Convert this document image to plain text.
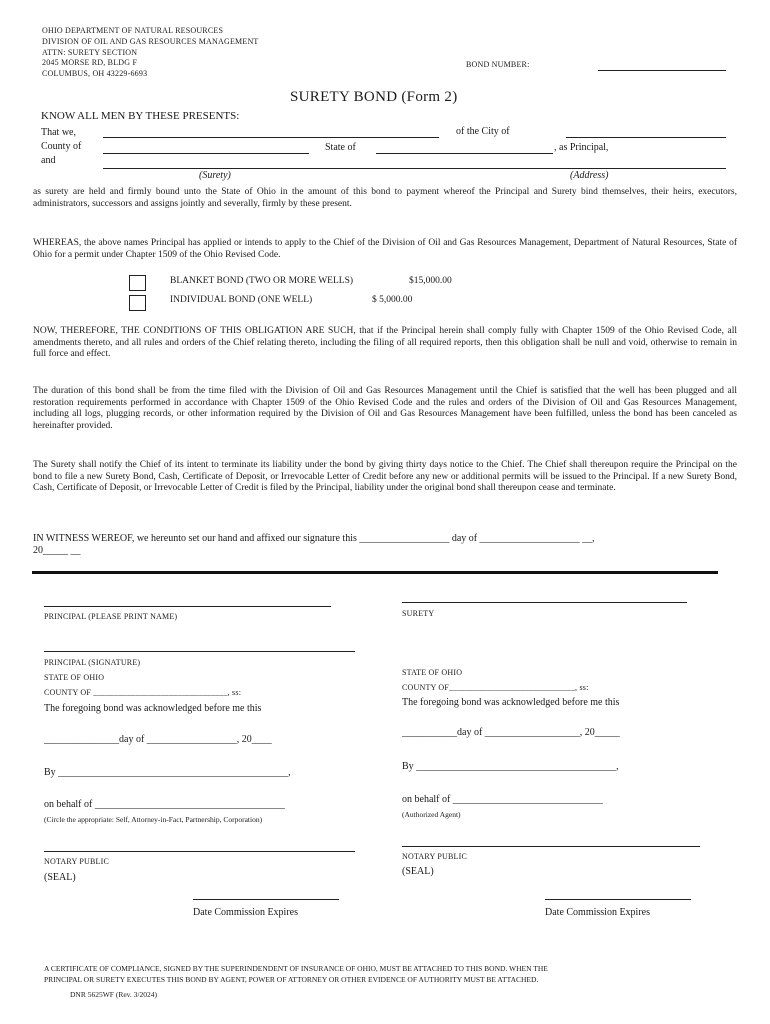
OHIO DEPARTMENT OF NATURAL RESOURCES
DIVISION OF OIL AND GAS RESOURCES MANAGEMENT
ATTN: SURETY SECTION
2045 MORSE RD, BLDG F
COLUMBUS, OH 43229-6693
BOND NUMBER:
SURETY BOND (Form 2)
KNOW ALL MEN BY THESE PRESENTS:
That we,	of the City of
County of	State of	, as Principal,
and
(Surety)	(Address)
as surety are held and firmly bound unto the State of Ohio in the amount of this bond to payment whereof the Principal and Surety bind themselves, their heirs, executors, administrators, successors and assigns jointly and severally, firmly by these present.
WHEREAS, the above names Principal has applied or intends to apply to the Chief of the Division of Oil and Gas Resources Management, Department of Natural Resources, State of Ohio for a permit under Chapter 1509 of the Ohio Revised Code.
BLANKET BOND (TWO OR MORE WELLS)	$15,000.00
INDIVIDUAL BOND (ONE WELL)	$ 5,000.00
NOW, THEREFORE, THE CONDITIONS OF THIS OBLIGATION ARE SUCH, that if the Principal herein shall comply fully with Chapter 1509 of the Ohio Revised Code, all amendments thereto, and all rules and orders of the Chief relating thereto, including the filing of all required reports, then this obligation shall be null and void, otherwise to remain in full force and effect.
The duration of this bond shall be from the time filed with the Division of Oil and Gas Resources Management until the Chief is satisfied that the well has been plugged and all restoration requirements performed in accordance with Chapter 1509 of the Ohio Revised Code and the rules and orders of the Division of Oil and Gas Resources Management, including all logs, plugging records, or other information required by the Division of Oil and Gas Resources Management have been fulfilled, unless the bond has been canceled as hereinafter provided.
The Surety shall notify the Chief of its intent to terminate its liability under the bond by giving thirty days notice to the Chief. The Chief shall thereupon require the Principal on the bond to file a new Surety Bond, Cash, Certificate of Deposit, or Irrevocable Letter of Credit before any new or additional permits will be issued to the Principal. If a new Surety Bond, Cash, Certificate of Deposit, or Irrevocable Letter of Credit is filed by the Principal, liability under the original bond shall thereupon cease and terminate.
IN WITNESS WEREOF, we hereunto set our hand and affixed our signature this __________________ day of ____________________ __,
20_____ __
PRINCIPAL (PLEASE PRINT NAME)
PRINCIPAL (SIGNATURE)
STATE OF OHIO
COUNTY OF ________________________________, ss:
The foregoing bond was acknowledged before me this
_______________day of __________________, 20____
By ______________________________________________,
on behalf of ______________________________________
(Circle the appropriate: Self, Attorney-in-Fact, Partnership, Corporation)
NOTARY PUBLIC
(SEAL)
Date Commission Expires
SURETY
STATE OF OHIO
COUNTY OF______________________________, ss:
The foregoing bond was acknowledged before me this
___________day of ___________________, 20_____
By ________________________________________,
on behalf of ______________________________
(Authorized Agent)
NOTARY PUBLIC
(SEAL)
Date Commission Expires
A CERTIFICATE OF COMPLIANCE, SIGNED BY THE SUPERINDENDENT OF INSURANCE OF OHIO, MUST BE ATTACHED TO THIS BOND. WHEN THE
PRINCIPAL OR SURETY EXECUTES THIS BOND BY AGENT, POWER OF ATTORNEY OR OTHER EVIDENCE OF AUTHORITY MUST BE ATTACHED.
DNR 5625WF (Rev. 3/2024)
